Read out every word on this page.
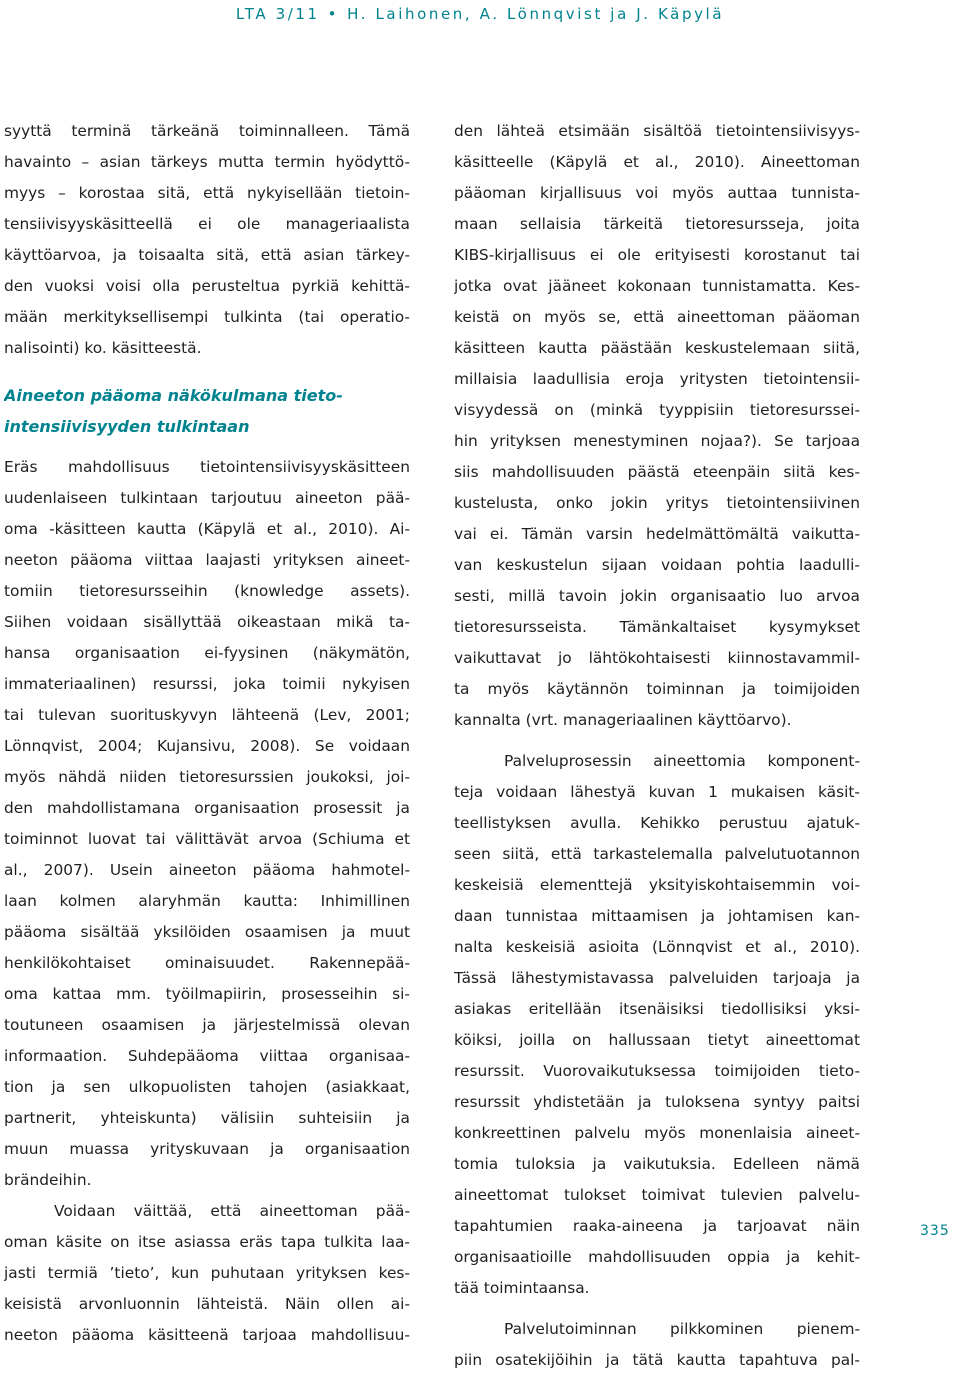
LTA 3/11 • H. Laihonen, A. Lönnqvist ja J. Käpylä
syyttä terminä tärkeänä toiminnalleen. Tämä
havainto – asian tärkeys mutta termin hyödyttö-
myys – korostaa sitä, että nykyisellään tietoin-
tensiivisyyskäsitteellä ei ole manageriaalista
käyttöarvoa, ja toisaalta sitä, että asian tärkey-
den vuoksi voisi olla perusteltua pyrkiä kehittä-
mään merkityksellisempi tulkinta (tai operatio-
nalisointi) ko. käsitteestä.
Aineeton pääoma näkökulmana tieto-
intensiivisyyden tulkintaan
Eräs mahdollisuus tietointensiivisyyskäsitteen
uudenlaiseen tulkintaan tarjoutuu aineeton pää-
oma -käsitteen kautta (Käpylä et al., 2010). Ai-
neeton pääoma viittaa laajasti yrityksen aineet-
tomiin tietoresursseihin (knowledge assets).
Siihen voidaan sisällyttää oikeastaan mikä ta-
hansa organisaation ei-fyysinen (näkymätön,
immateriaalinen) resurssi, joka toimii nykyisen
tai tulevan suorituskyvyn lähteenä (Lev, 2001;
Lönnqvist, 2004; Kujansivu, 2008). Se voidaan
myös nähdä niiden tietoresurssien joukoksi, joi-
den mahdollistamana organisaation prosessit ja
toiminnot luovat tai välittävät arvoa (Schiuma et
al., 2007). Usein aineeton pääoma hahmotel-
laan kolmen alaryhmän kautta: Inhimillinen
pääoma sisältää yksilöiden osaamisen ja muut
henkilökohtaiset ominaisuudet. Rakennepää-
oma kattaa mm. työilmapiirin, prosesseihin si-
toutuneen osaamisen ja järjestelmissä olevan
informaation. Suhdepääoma viittaa organisaa-
tion ja sen ulkopuolisten tahojen (asiakkaat,
partnerit, yhteiskunta) välisiin suhteisiin ja
muun muassa yrityskuvaan ja organisaation
brändeihin.
Voidaan väittää, että aineettoman pää-
oman käsite on itse asiassa eräs tapa tulkita laa-
jasti termiä ’tieto’, kun puhutaan yrityksen kes-
keisistä arvonluonnin lähteistä. Näin ollen ai-
neeton pääoma käsitteenä tarjoaa mahdollisuu-
den lähteä etsimään sisältöä tietointensiivisyys-
käsitteelle (Käpylä et al., 2010). Aineettoman
pääoman kirjallisuus voi myös auttaa tunnista-
maan sellaisia tärkeitä tietoresursseja, joita
KIBS-kirjallisuus ei ole erityisesti korostanut tai
jotka ovat jääneet kokonaan tunnistamatta. Kes-
keistä on myös se, että aineettoman pääoman
käsitteen kautta päästään keskustelemaan siitä,
millaisia laadullisia eroja yritysten tietointensii-
visyydessä on (minkä tyyppisiin tietoresurssei-
hin yrityksen menestyminen nojaa?). Se tarjoaa
siis mahdollisuuden päästä eteenpäin siitä kes-
kustelusta, onko jokin yritys tietointensiivinen
vai ei. Tämän varsin hedelmättömältä vaikutta-
van keskustelun sijaan voidaan pohtia laadulli-
sesti, millä tavoin jokin organisaatio luo arvoa
tietoresursseista. Tämänkaltaiset kysymykset
vaikuttavat jo lähtökohtaisesti kiinnostavammil-
ta myös käytännön toiminnan ja toimijoiden
kannalta (vrt. manageriaalinen käyttöarvo).
Palveluprosessin aineettomia komponent-
teja voidaan lähestyä kuvan 1 mukaisen käsit-
teellistyksen avulla. Kehikko perustuu ajatuk-
seen siitä, että tarkastelemalla palvelutuotannon
keskeisiä elementtejä yksityiskohtaisemmin voi-
daan tunnistaa mittaamisen ja johtamisen kan-
nalta keskeisiä asioita (Lönnqvist et al., 2010).
Tässä lähestymistavassa palveluiden tarjoaja ja
asiakas eritellään itsenäisiksi tiedollisiksi yksi-
köiksi, joilla on hallussaan tietyt aineettomat
resurssit. Vuorovaikutuksessa toimijoiden tieto-
resurssit yhdistetään ja tuloksena syntyy paitsi
konkreettinen palvelu myös monenlaisia aineet-
tomia tuloksia ja vaikutuksia. Edelleen nämä
aineettomat tulokset toimivat tulevien palvelu-
tapahtumien raaka-aineena ja tarjoavat näin
organisaatioille mahdollisuuden oppia ja kehit-
tää toimintaansa.
Palvelutoiminnan pilkkominen pienem-
piin osatekijöihin ja tätä kautta tapahtuva pal-
335
